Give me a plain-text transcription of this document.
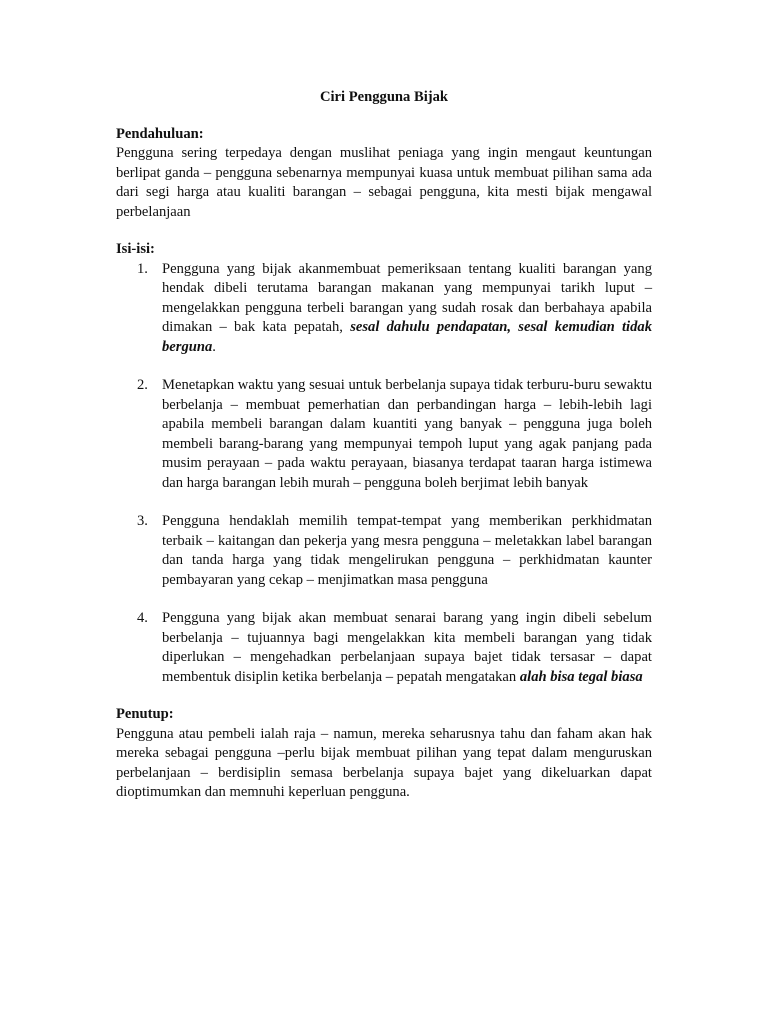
Ciri Pengguna Bijak
Pendahuluan:

Pengguna sering terpedaya dengan muslihat peniaga yang ingin mengaut keuntungan berlipat ganda – pengguna sebenarnya mempunyai kuasa untuk membuat pilihan sama ada dari segi harga atau kualiti barangan – sebagai pengguna, kita mesti bijak mengawal perbelanjaan

Isi-isi:
1. Pengguna yang bijak akanmembuat pemeriksaan tentang kualiti barangan yang hendak dibeli terutama barangan makanan yang mempunyai tarikh luput – mengelakkan pengguna terbeli barangan yang sudah rosak dan berbahaya apabila dimakan – bak kata pepatah, sesal dahulu pendapatan, sesal kemudian tidak berguna.
2. Menetapkan waktu yang sesuai untuk berbelanja supaya tidak terburu-buru sewaktu berbelanja – membuat pemerhatian dan perbandingan harga – lebih-lebih lagi apabila membeli barangan dalam kuantiti yang banyak – pengguna juga boleh membeli barang-barang yang mempunyai tempoh luput yang agak panjang pada musim perayaan – pada waktu perayaan, biasanya terdapat taaran harga istimewa dan harga barangan lebih murah – pengguna boleh berjimat lebih banyak
3. Pengguna hendaklah memilih tempat-tempat yang memberikan perkhidmatan terbaik – kaitangan dan pekerja yang mesra pengguna – meletakkan label barangan dan tanda harga yang tidak mengelirukan pengguna – perkhidmatan kaunter pembayaran yang cekap – menjimatkan masa pengguna
4. Pengguna yang bijak akan membuat senarai barang yang ingin dibeli sebelum berbelanja – tujuannya bagi mengelakkan kita membeli barangan yang tidak diperlukan – mengehadkan perbelanjaan supaya bajet tidak tersasar – dapat membentuk disiplin ketika berbelanja – pepatah mengatakan alah bisa tegal biasa
Penutup:

Pengguna atau pembeli ialah raja – namun, mereka seharusnya tahu dan faham akan hak mereka sebagai pengguna –perlu bijak membuat pilihan yang tepat dalam menguruskan perbelanjaan – berdisiplin semasa berbelanja supaya bajet yang dikeluarkan dapat dioptimumkan dan memnuhi keperluan pengguna.
